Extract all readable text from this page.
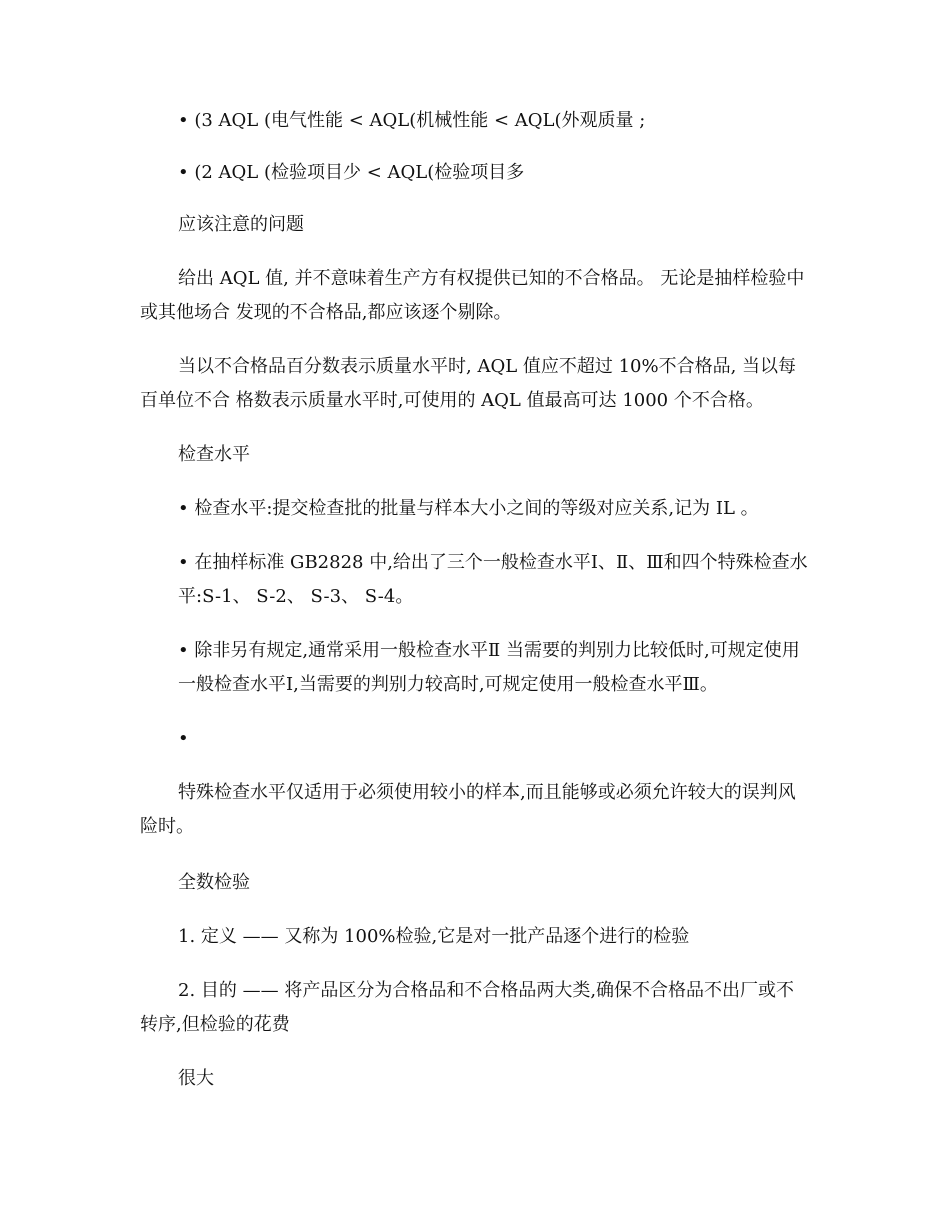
• (3 AQL (电气性能 < AQL(机械性能 < AQL(外观质量 ;

• (2 AQL (检验项目少 < AQL(检验项目多

应该注意的问题

给出 AQL 值, 并不意味着生产方有权提供已知的不合格品。 无论是抽样检验中或其他场合 发现的不合格品,都应该逐个剔除。

当以不合格品百分数表示质量水平时, AQL 值应不超过 10%不合格品, 当以每百单位不合 格数表示质量水平时,可使用的 AQL 值最高可达 1000 个不合格。

检查水平

• 检查水平:提交检查批的批量与样本大小之间的等级对应关系,记为 IL 。

• 在抽样标准 GB2828 中,给出了三个一般检查水平Ⅰ、Ⅱ、Ⅲ和四个特殊检查水平:S-1、 S-2、 S-3、 S-4。

• 除非另有规定,通常采用一般检查水平Ⅱ 当需要的判别力比较低时,可规定使用 一般检查水平Ⅰ,当需要的判别力较高时,可规定使用一般检查水平Ⅲ。

•

特殊检查水平仅适用于必须使用较小的样本,而且能够或必须允许较大的误判风险时。

全数检验

1. 定义 —— 又称为 100%检验,它是对一批产品逐个进行的检验

2. 目的 —— 将产品区分为合格品和不合格品两大类,确保不合格品不出厂或不转序,但检验的花费

很大
